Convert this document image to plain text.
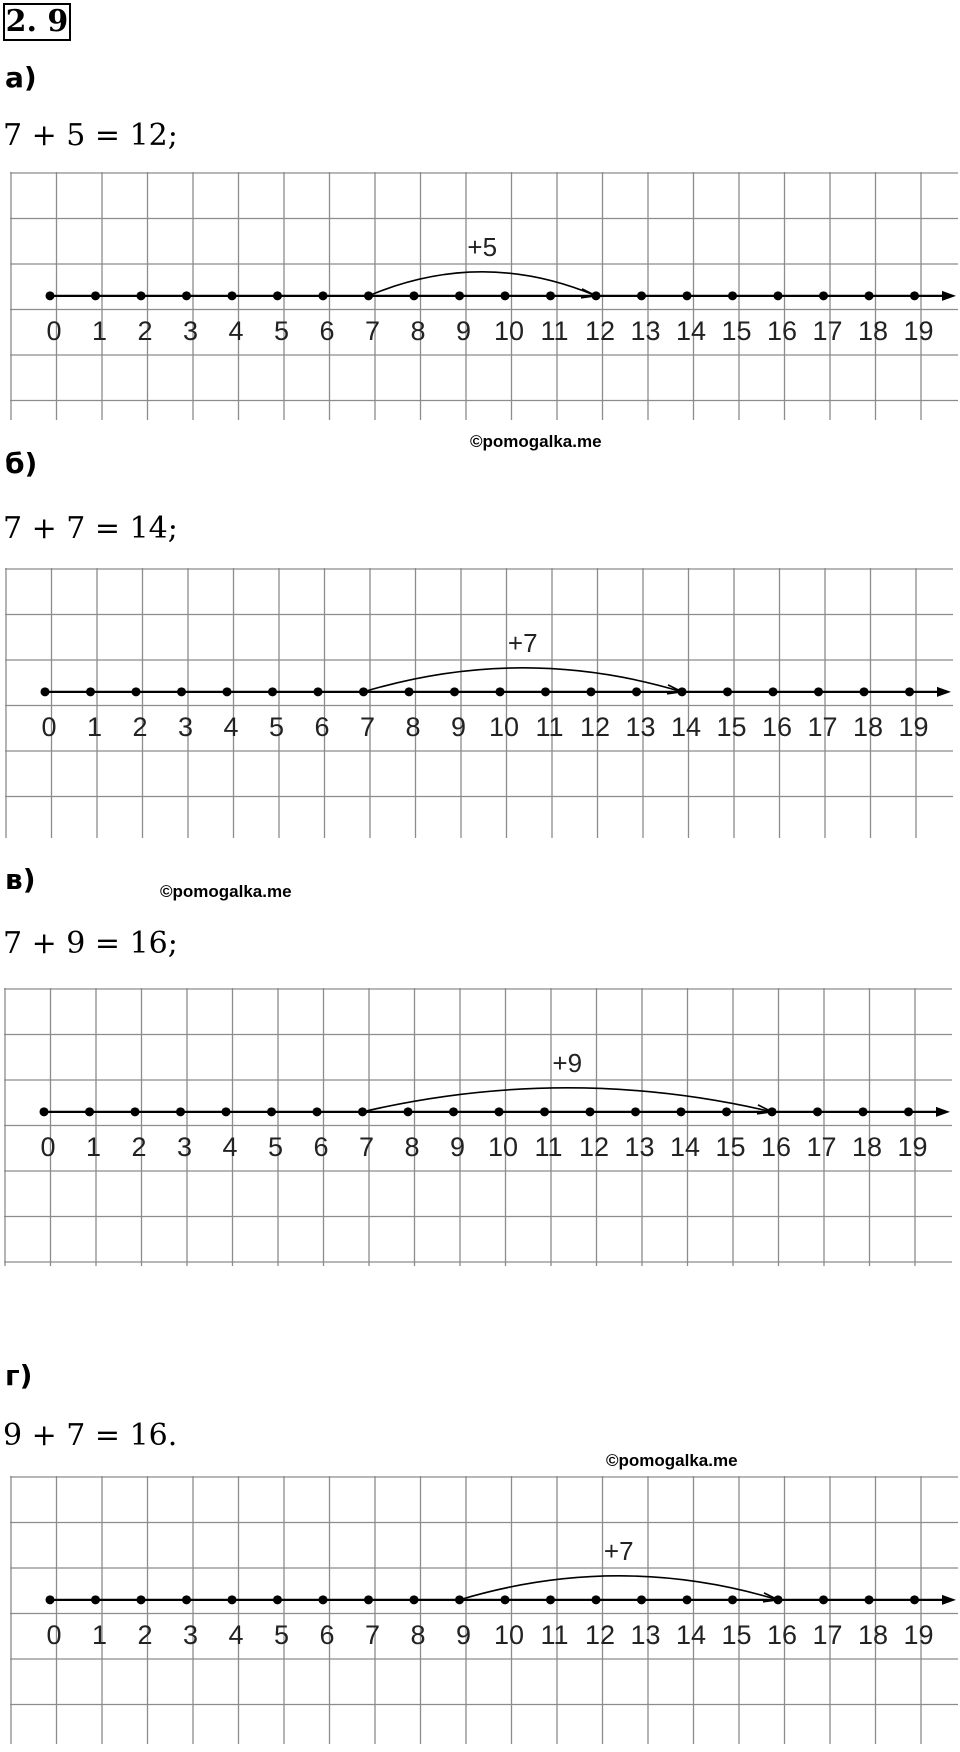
2. 9
а)
7 + 5 = 12;
0 1 2 3 4 5 6 7 8 9 10 11 12 13 14 15 16 17 18 19
+5
©pomogalka.me
б)
7 + 7 = 14;
0 1 2 3 4 5 6 7 8 9 10 11 12 13 14 15 16 17 18 19
+7
в)	©pomogalka.me
7 + 9 = 16;
0 1 2 3 4 5 6 7 8 9 10 11 12 13 14 15 16 17 18 19
+9
г)
9 + 7 = 16.
©pomogalka.me
0 1 2 3 4 5 6 7 8 9 10 11 12 13 14 15 16 17 18 19
+7
